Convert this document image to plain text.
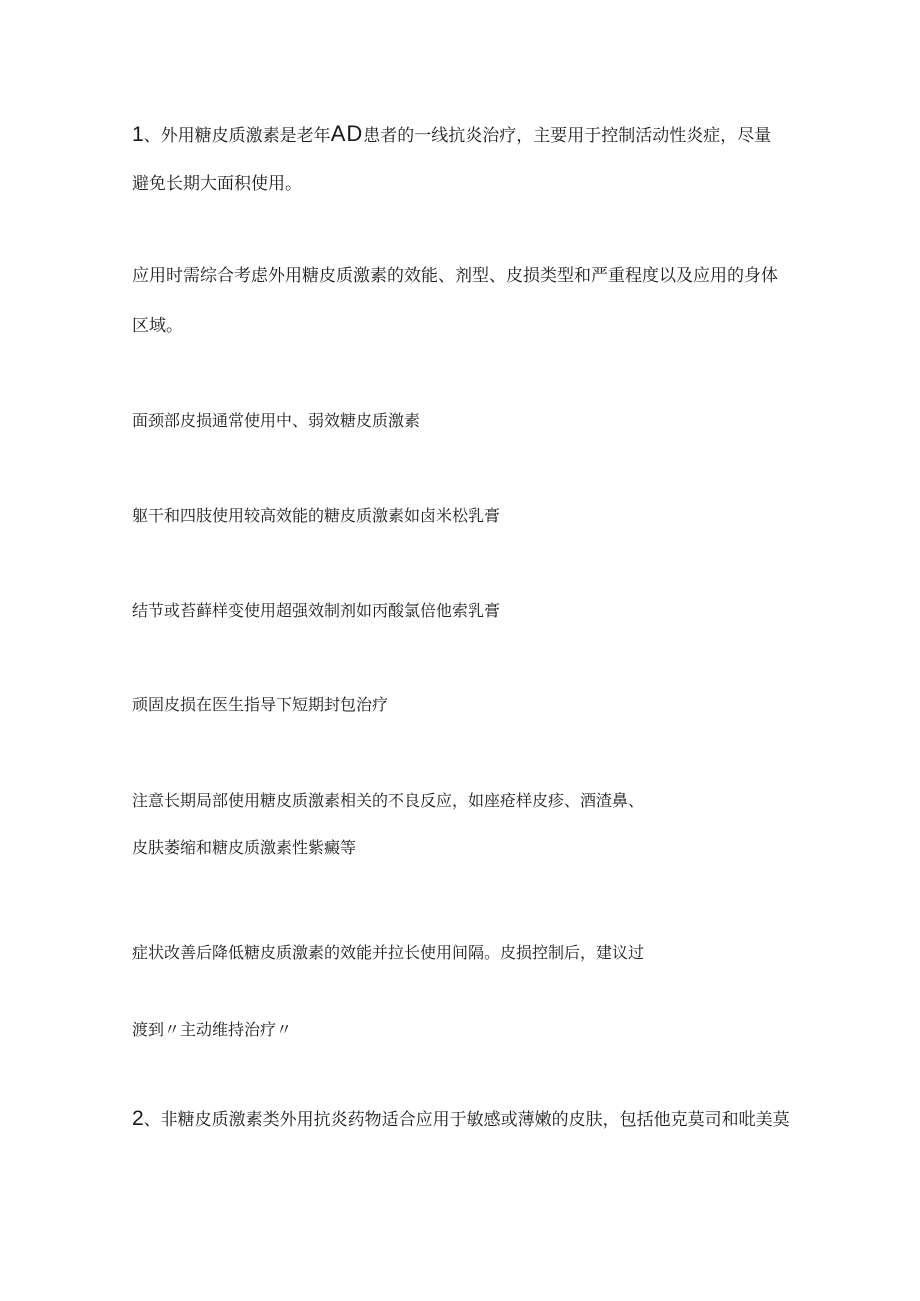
1、外用糖皮质激素是老年AD患者的一线抗炎治疗，主要用于控制活动性炎症，尽量

避免长期大面积使用。

应用时需综合考虑外用糖皮质激素的效能、剂型、皮损类型和严重程度以及应用的身体

区域。

面颈部皮损通常使用中、弱效糖皮质激素

躯干和四肢使用较高效能的糖皮质激素如卤米松乳膏

结节或苔藓样变使用超强效制剂如丙酸氯倍他索乳膏

顽固皮损在医生指导下短期封包治疗

注意长期局部使用糖皮质激素相关的不良反应，如座疮样皮疹、酒渣鼻、

皮肤萎缩和糖皮质激素性紫癜等

症状改善后降低糖皮质激素的效能并拉长使用间隔。皮损控制后，建议过

渡到〃主动维持治疗〃

2、非糖皮质激素类外用抗炎药物适合应用于敏感或薄嫩的皮肤，包括他克莫司和吡美莫
